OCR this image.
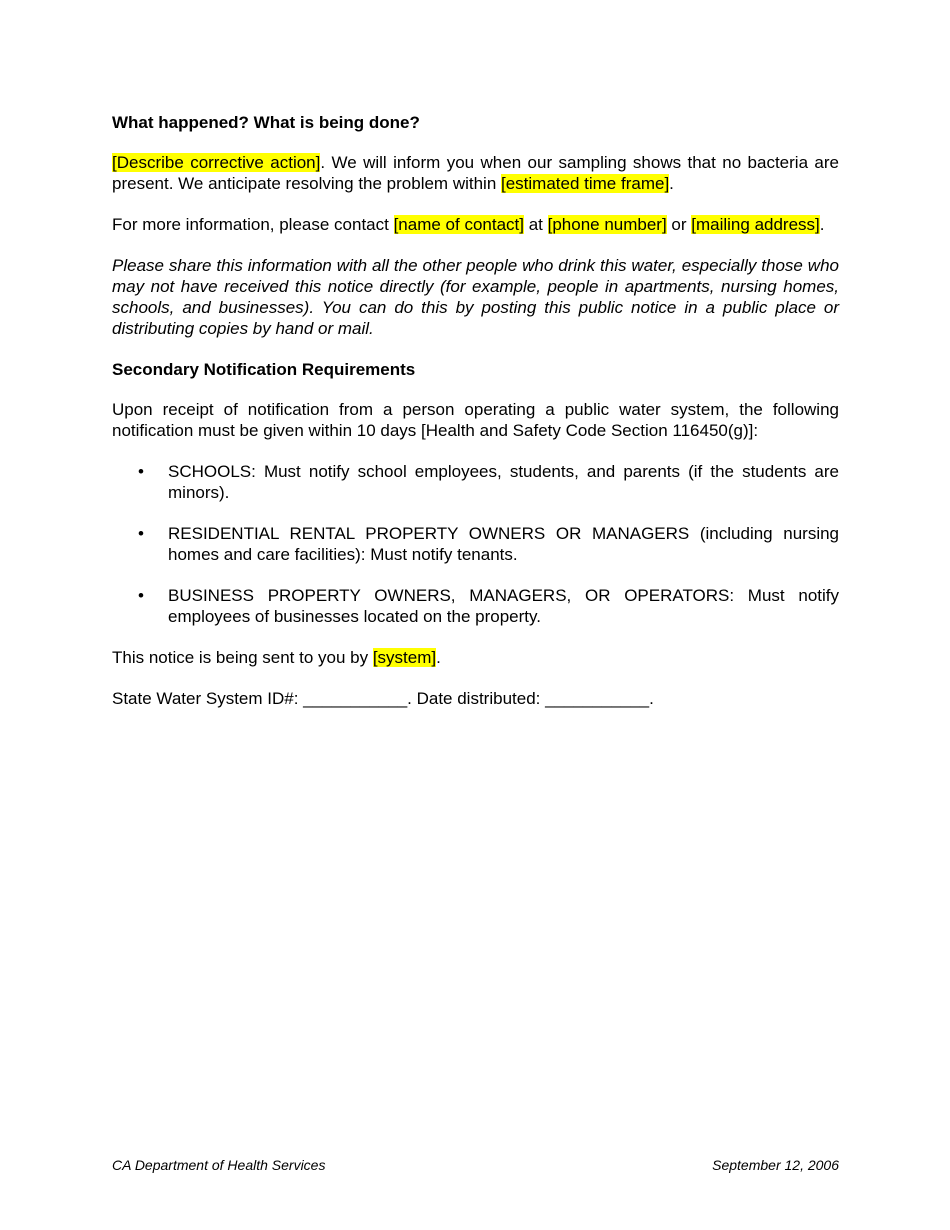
What happened? What is being done?

[Describe corrective action]. We will inform you when our sampling shows that no bacteria are present. We anticipate resolving the problem within [estimated time frame].

For more information, please contact [name of contact] at [phone number] or [mailing address].

Please share this information with all the other people who drink this water, especially those who may not have received this notice directly (for example, people in apartments, nursing homes, schools, and businesses). You can do this by posting this public notice in a public place or distributing copies by hand or mail.

Secondary Notification Requirements

Upon receipt of notification from a person operating a public water system, the following notification must be given within 10 days [Health and Safety Code Section 116450(g)]:

• SCHOOLS: Must notify school employees, students, and parents (if the students are minors).
• RESIDENTIAL RENTAL PROPERTY OWNERS OR MANAGERS (including nursing homes and care facilities): Must notify tenants.
• BUSINESS PROPERTY OWNERS, MANAGERS, OR OPERATORS: Must notify employees of businesses located on the property.

This notice is being sent to you by [system].

State Water System ID#: ___________. Date distributed: ___________.

CA Department of Health Services	September 12, 2006
